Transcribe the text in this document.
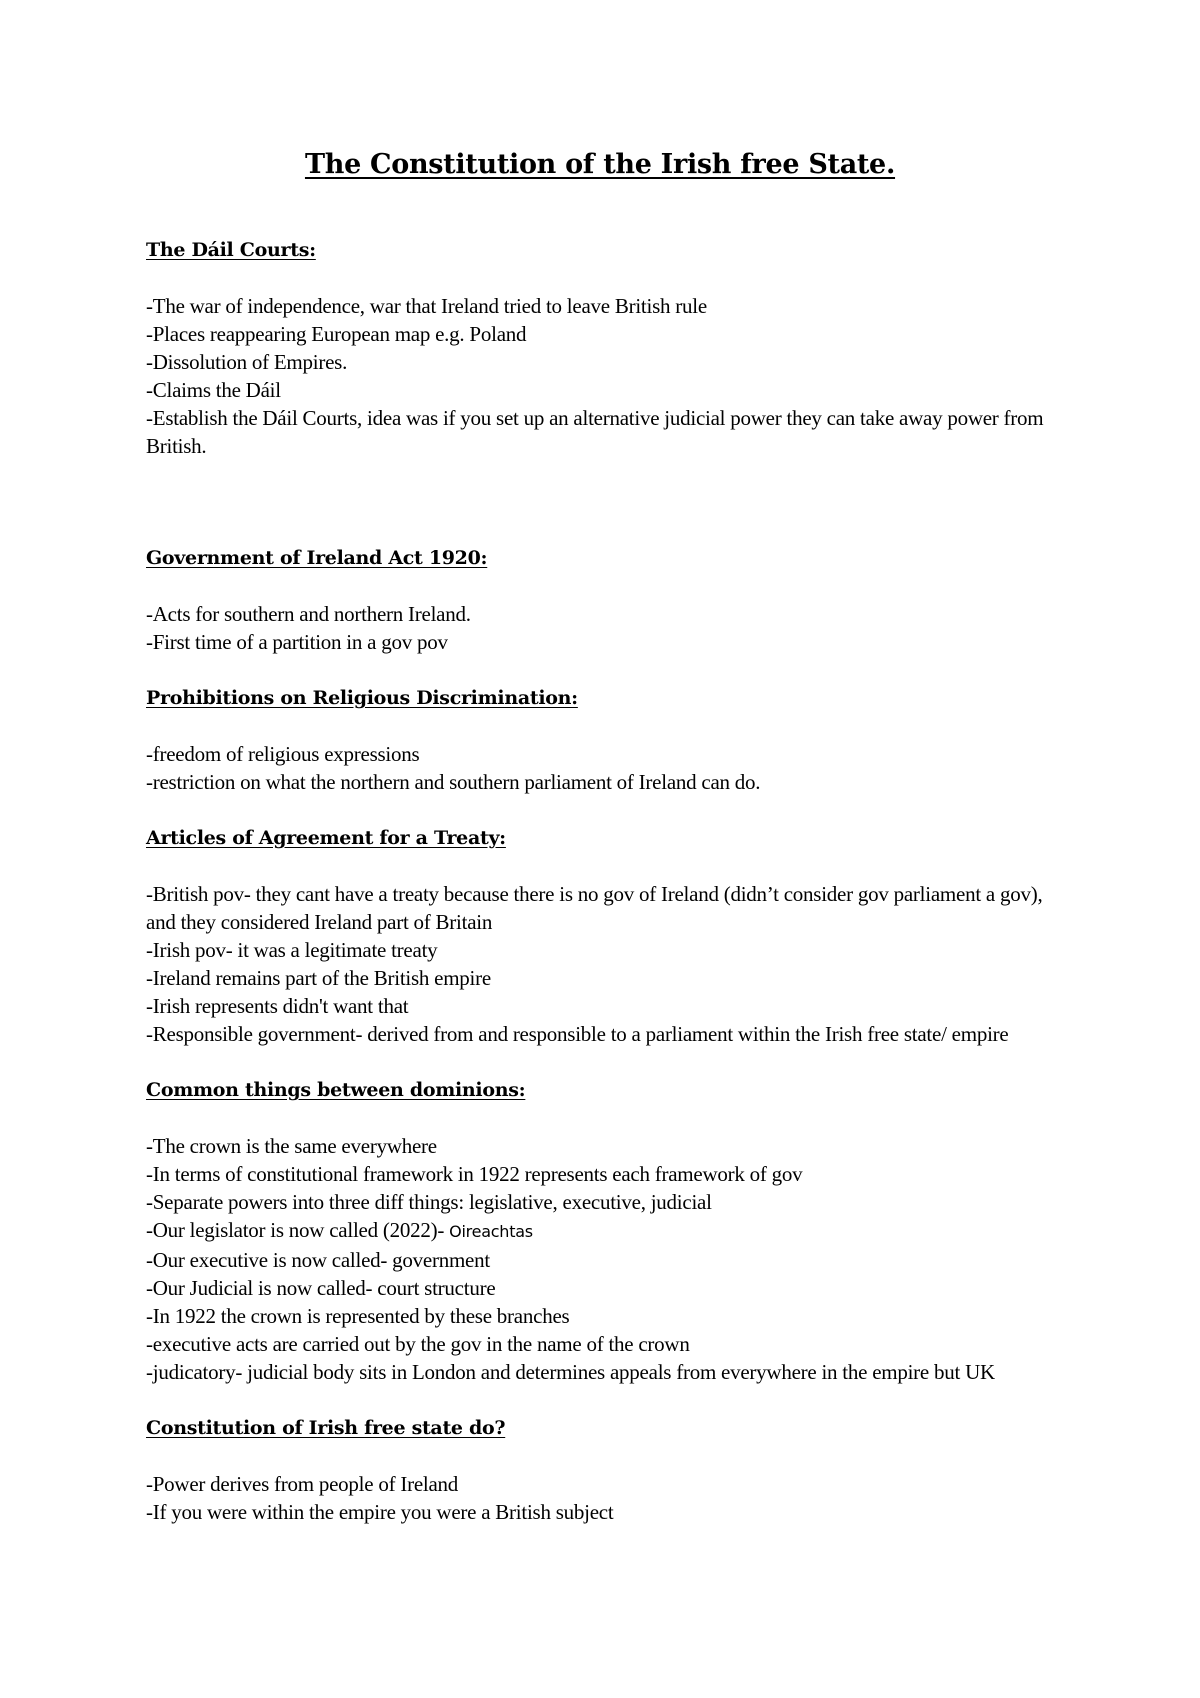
The Constitution of the Irish free State.

The Dáil Courts:

-The war of independence, war that Ireland tried to leave British rule

-Places reappearing European map e.g. Poland

-Dissolution of Empires.

-Claims the Dáil

-Establish the Dáil Courts, idea was if you set up an alternative judicial power they can take away power from British.

Government of Ireland Act 1920:

-Acts for southern and northern Ireland.

-First time of a partition in a gov pov

Prohibitions on Religious Discrimination:

-freedom of religious expressions

-restriction on what the northern and southern parliament of Ireland can do.

Articles of Agreement for a Treaty:

-British pov- they cant have a treaty because there is no gov of Ireland (didn’t consider gov parliament a gov), and they considered Ireland part of Britain

-Irish pov- it was a legitimate treaty

-Ireland remains part of the British empire

-Irish represents didn't want that

-Responsible government- derived from and responsible to a parliament within the Irish free state/ empire

Common things between dominions:

-The crown is the same everywhere

-In terms of constitutional framework in 1922 represents each framework of gov

-Separate powers into three diff things: legislative, executive, judicial

-Our legislator is now called (2022)- Oireachtas

-Our executive is now called- government

-Our Judicial is now called- court structure

-In 1922 the crown is represented by these branches

-executive acts are carried out by the gov in the name of the crown

-judicatory- judicial body sits in London and determines appeals from everywhere in the empire but UK

Constitution of Irish free state do?

-Power derives from people of Ireland

-If you were within the empire you were a British subject
